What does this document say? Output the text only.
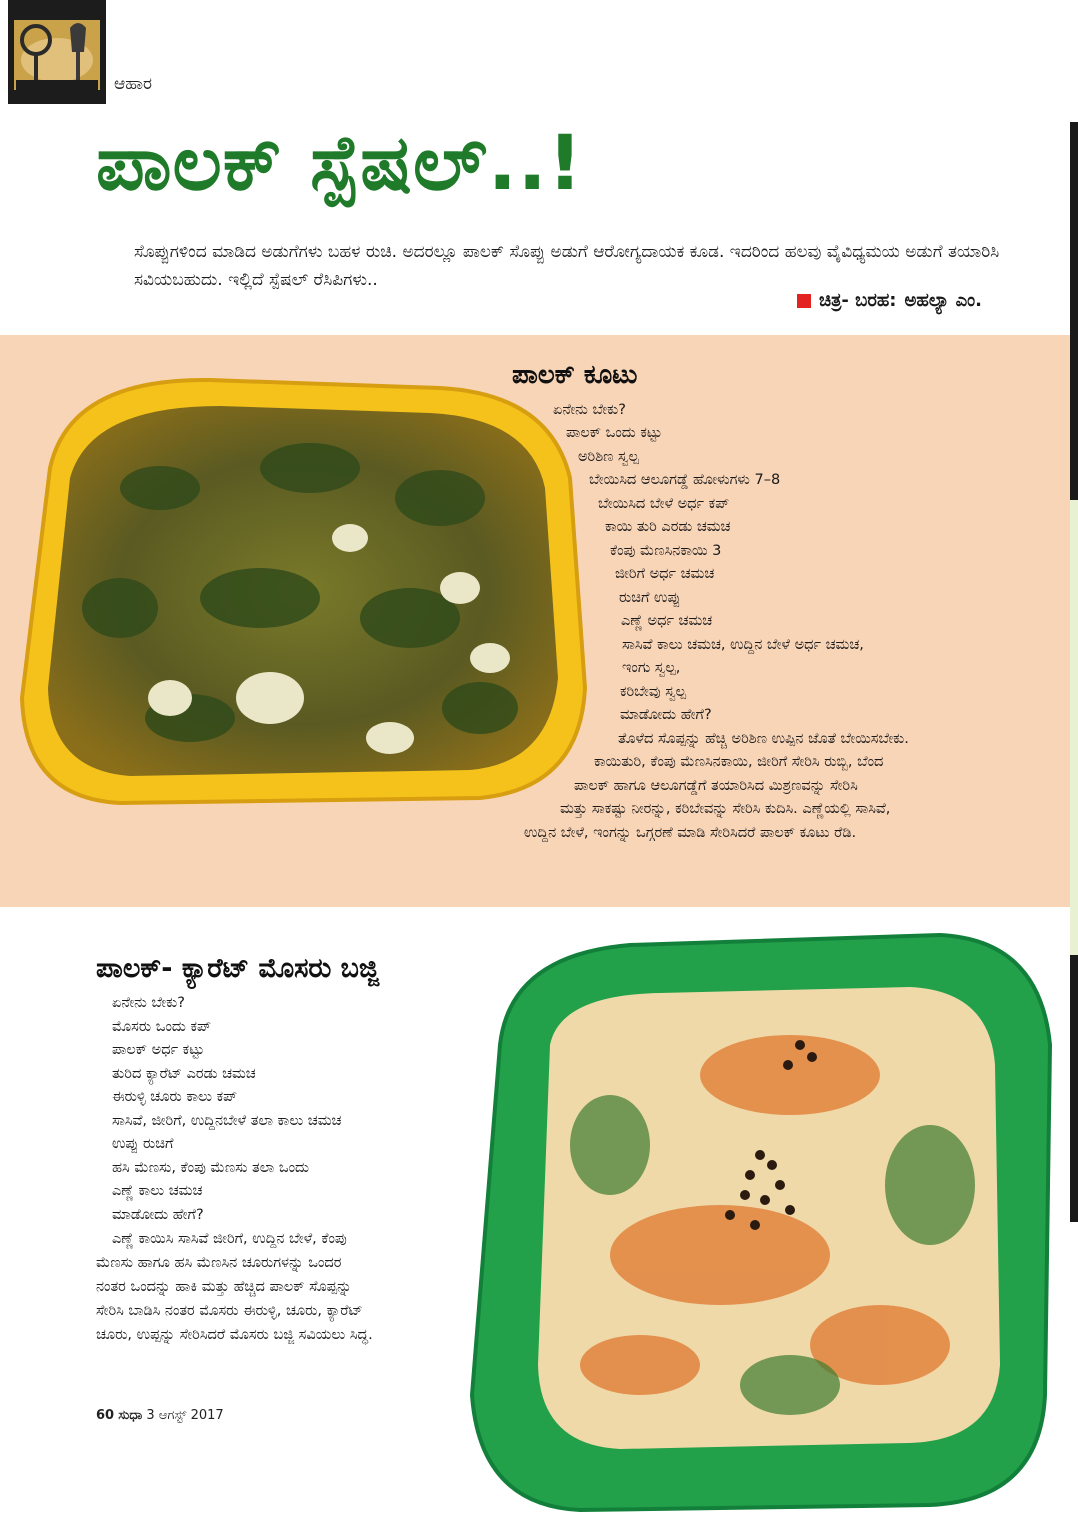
ಆಹಾರ
ಪಾಲಕ್ ಸ್ಪೆಷಲ್..!
ಸೊಪ್ಪುಗಳಿಂದ ಮಾಡಿದ ಅಡುಗೆಗಳು ಬಹಳ ರುಚಿ. ಅದರಲ್ಲೂ ಪಾಲಕ್ ಸೊಪ್ಪು ಅಡುಗೆ ಆರೋಗ್ಯದಾಯಕ ಕೂಡ. ಇದರಿಂದ ಹಲವು ವೈವಿಧ್ಯಮಯ ಅಡುಗೆ ತಯಾರಿಸಿ ಸವಿಯಬಹುದು. ಇಲ್ಲಿದೆ ಸ್ಪೆಷಲ್ ರೆಸಿಪಿಗಳು..
ಚಿತ್ರ- ಬರಹ: ಅಹಲ್ಯಾ ಎಂ.
ಪಾಲಕ್ ಕೂಟು
ಏನೇನು ಬೇಕು?
ಪಾಲಕ್ ಒಂದು ಕಟ್ಟು
ಅರಿಶಿಣ ಸ್ವಲ್ಪ
ಬೇಯಿಸಿದ ಆಲೂಗಡ್ಡೆ ಹೋಳುಗಳು 7–8
ಬೇಯಿಸಿದ ಬೇಳೆ ಅರ್ಧ ಕಪ್
ಕಾಯಿ ತುರಿ ಎರಡು ಚಮಚ
ಕೆಂಪು ಮೆಣಸಿನಕಾಯಿ 3
ಜೀರಿಗೆ ಅರ್ಧ ಚಮಚ
ರುಚಿಗೆ ಉಪ್ಪು
ಎಣ್ಣೆ ಅರ್ಧ ಚಮಚ
ಸಾಸಿವೆ ಕಾಲು ಚಮಚ, ಉದ್ದಿನ ಬೇಳೆ ಅರ್ಧ ಚಮಚ,
ಇಂಗು ಸ್ವಲ್ಪ,
ಕರಿಬೇವು ಸ್ವಲ್ಪ
ಮಾಡೋದು ಹೇಗೆ?
ತೊಳೆದ ಸೊಪ್ಪನ್ನು ಹೆಚ್ಚಿ ಅರಿಶಿಣ ಉಪ್ಪಿನ ಜೊತೆ ಬೇಯಿಸಬೇಕು.
ಕಾಯಿತುರಿ, ಕೆಂಪು ಮೆಣಸಿನಕಾಯಿ, ಜೀರಿಗೆ ಸೇರಿಸಿ ರುಬ್ಬಿ, ಬೆಂದ
ಪಾಲಕ್ ಹಾಗೂ ಆಲೂಗಡ್ಡೆಗೆ ತಯಾರಿಸಿದ ಮಿಶ್ರಣವನ್ನು ಸೇರಿಸಿ
ಮತ್ತು ಸಾಕಷ್ಟು ನೀರನ್ನು, ಕರಿಬೇವನ್ನು ಸೇರಿಸಿ ಕುದಿಸಿ. ಎಣ್ಣೆಯಲ್ಲಿ ಸಾಸಿವೆ,
ಉದ್ದಿನ ಬೇಳೆ, ಇಂಗನ್ನು ಒಗ್ಗರಣೆ ಮಾಡಿ ಸೇರಿಸಿದರೆ ಪಾಲಕ್ ಕೂಟು ರೆಡಿ.
ಪಾಲಕ್- ಕ್ಯಾರೆಟ್ ಮೊಸರು ಬಜ್ಜಿ
ಏನೇನು ಬೇಕು?
ಮೊಸರು ಒಂದು ಕಪ್
ಪಾಲಕ್ ಅರ್ಧ ಕಟ್ಟು
ತುರಿದ ಕ್ಯಾರೆಟ್ ಎರಡು ಚಮಚ
ಈರುಳ್ಳಿ ಚೂರು ಕಾಲು ಕಪ್
ಸಾಸಿವೆ, ಜೀರಿಗೆ, ಉದ್ದಿನಬೇಳೆ ತಲಾ ಕಾಲು ಚಮಚ
ಉಪ್ಪು ರುಚಿಗೆ
ಹಸಿ ಮೆಣಸು, ಕೆಂಪು ಮೆಣಸು ತಲಾ ಒಂದು
ಎಣ್ಣೆ ಕಾಲು ಚಮಚ
ಮಾಡೋದು ಹೇಗೆ?
ಎಣ್ಣೆ ಕಾಯಿಸಿ ಸಾಸಿವೆ ಜೀರಿಗೆ, ಉದ್ದಿನ ಬೇಳೆ, ಕೆಂಪು
ಮೆಣಸು ಹಾಗೂ ಹಸಿ ಮೆಣಸಿನ ಚೂರುಗಳನ್ನು ಒಂದರ
ನಂತರ ಒಂದನ್ನು ಹಾಕಿ ಮತ್ತು ಹೆಚ್ಚಿದ ಪಾಲಕ್ ಸೊಪ್ಪನ್ನು
ಸೇರಿಸಿ ಬಾಡಿಸಿ ನಂತರ ಮೊಸರು ಈರುಳ್ಳಿ, ಚೂರು, ಕ್ಯಾರೆಟ್
ಚೂರು, ಉಪ್ಪನ್ನು ಸೇರಿಸಿದರೆ ಮೊಸರು ಬಜ್ಜಿ ಸವಿಯಲು ಸಿದ್ಧ.
60 ಸುಧಾ 3 ಆಗಸ್ಟ್ 2017
